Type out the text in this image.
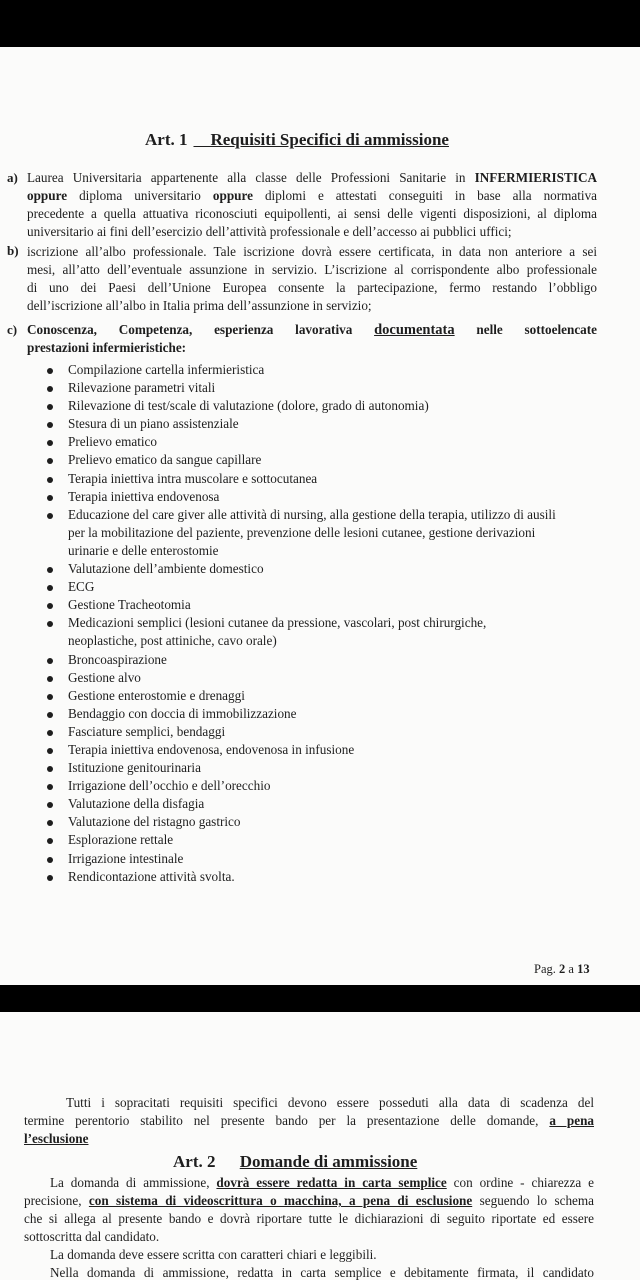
Art. 1 Requisiti Specifici di ammissione
a) Laurea Universitaria appartenente alla classe delle Professioni Sanitarie in INFERMIERISTICA
oppure diploma universitario oppure diplomi e attestati conseguiti in base alla normativa
precedente a quella attuativa riconosciuti equipollenti, ai sensi delle vigenti disposizioni, al diploma
universitario ai fini dell’esercizio dell’attività professionale e dell’accesso ai pubblici uffici;
b) iscrizione all’albo professionale. Tale iscrizione dovrà essere certificata, in data non anteriore a sei
mesi, all’atto dell’eventuale assunzione in servizio. L’iscrizione al corrispondente albo professionale
di uno dei Paesi dell’Unione Europea consente la partecipazione, fermo restando l’obbligo
dell’iscrizione all’albo in Italia prima dell’assunzione in servizio;
c) Conoscenza, Competenza, esperienza lavorativa documentata nelle sottoelencate
prestazioni infermieristiche:
Compilazione cartella infermieristica
Rilevazione parametri vitali
Rilevazione di test/scale di valutazione (dolore, grado di autonomia)
Stesura di un piano assistenziale
Prelievo ematico
Prelievo ematico da sangue capillare
Terapia iniettiva intra muscolare e sottocutanea
Terapia iniettiva endovenosa
Educazione del care giver alle attività di nursing, alla gestione della terapia, utilizzo di ausili
per la mobilitazione del paziente, prevenzione delle lesioni cutanee, gestione derivazioni
urinarie e delle enterostomie
Valutazione dell’ambiente domestico
ECG
Gestione Tracheotomia
Medicazioni semplici (lesioni cutanee da pressione, vascolari, post chirurgiche,
neoplastiche, post attiniche, cavo orale)
Broncoaspirazione
Gestione alvo
Gestione enterostomie e drenaggi
Bendaggio con doccia di immobilizzazione
Fasciature semplici, bendaggi
Terapia iniettiva endovenosa, endovenosa in infusione
Istituzione genitourinaria
Irrigazione dell’occhio e dell’orecchio
Valutazione della disfagia
Valutazione del ristagno gastrico
Esplorazione rettale
Irrigazione intestinale
Rendicontazione attività svolta.
Pag. 2 a 13
Tutti i sopracitati requisiti specifici devono essere posseduti alla data di scadenza del
termine perentorio stabilito nel presente bando per la presentazione delle domande, a pena
l’esclusione
Art. 2 Domande di ammissione
La domanda di ammissione, dovrà essere redatta in carta semplice con ordine - chiarezza e
precisione, con sistema di videoscrittura o macchina, a pena di esclusione seguendo lo schema
che si allega al presente bando e dovrà riportare tutte le dichiarazioni di seguito riportate ed essere
sottoscritta dal candidato.
La domanda deve essere scritta con caratteri chiari e leggibili.
Nella domanda di ammissione, redatta in carta semplice e debitamente firmata, il candidato
